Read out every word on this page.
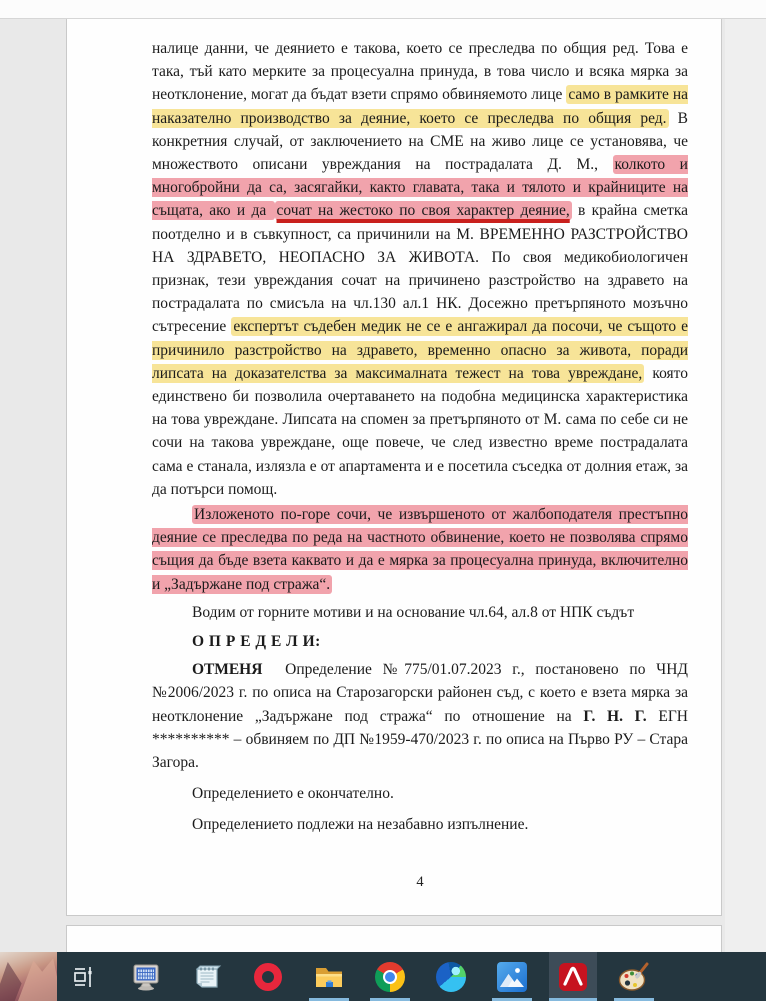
налице данни, че деянието е такова, което се преследва по общия ред. Това е така, тъй като мерките за процесуална принуда, в това число и всяка мярка за неотклонение, могат да бъдат взети спрямо обвиняемото лице само в рамките на наказателно производство за деяние, което се преследва по общия ред. В конкретния случай, от заключението на СМЕ на живо лице се установява, че множеството описани увреждания на пострадалата Д. М., колкото и многобройни да са, засягайки, както главата, така и тялото и крайниците на същата, ако и да сочат на жестоко по своя характер деяние, в крайна сметка поотделно и в съвкупност, са причинили на М. ВРЕМЕННО РАЗСТРОЙСТВО НА ЗДРАВЕТО, НЕОПАСНО ЗА ЖИВОТА. По своя медикобиологичен признак, тези увреждания сочат на причинено разстройство на здравето на пострадалата по смисъла на чл.130 ал.1 НК. Досежно претърпяното мозъчно сътресение експертът съдебен медик не се е ангажирал да посочи, че същото е причинило разстройство на здравето, временно опасно за живота, поради липсата на доказателства за максималната тежест на това увреждане, която единствено би позволила очертаването на подобна медицинска характеристика на това увреждане. Липсата на спомен за претърпяното от М. сама по себе си не сочи на такова увреждане, още повече, че след известно време пострадалата сама е станала, излязла е от апартамента и е посетила съседка от долния етаж, за да потърси помощ.

Изложеното по-горе сочи, че извършеното от жалбоподателя престъпно деяние се преследва по реда на частното обвинение, което не позволява спрямо същия да бъде взета каквато и да е мярка за процесуална принуда, включително и „Задържане под стража“.

Водим от горните мотиви и на основание чл.64, ал.8 от НПК съдът

О П Р Е Д Е Л И:

ОТМЕНЯ Определение №775/01.07.2023 г., постановено по ЧНД №2006/2023 г. по описа на Старозагорски районен съд, с което е взета мярка за неотклонение „Задържане под стража“ по отношение на Г. Н. Г. ЕГН ********** – обвиняем по ДП №1959-470/2023 г. по описа на Първо РУ – Стара Загора.

Определението е окончателно.

Определението подлежи на незабавно изпълнение.

4
